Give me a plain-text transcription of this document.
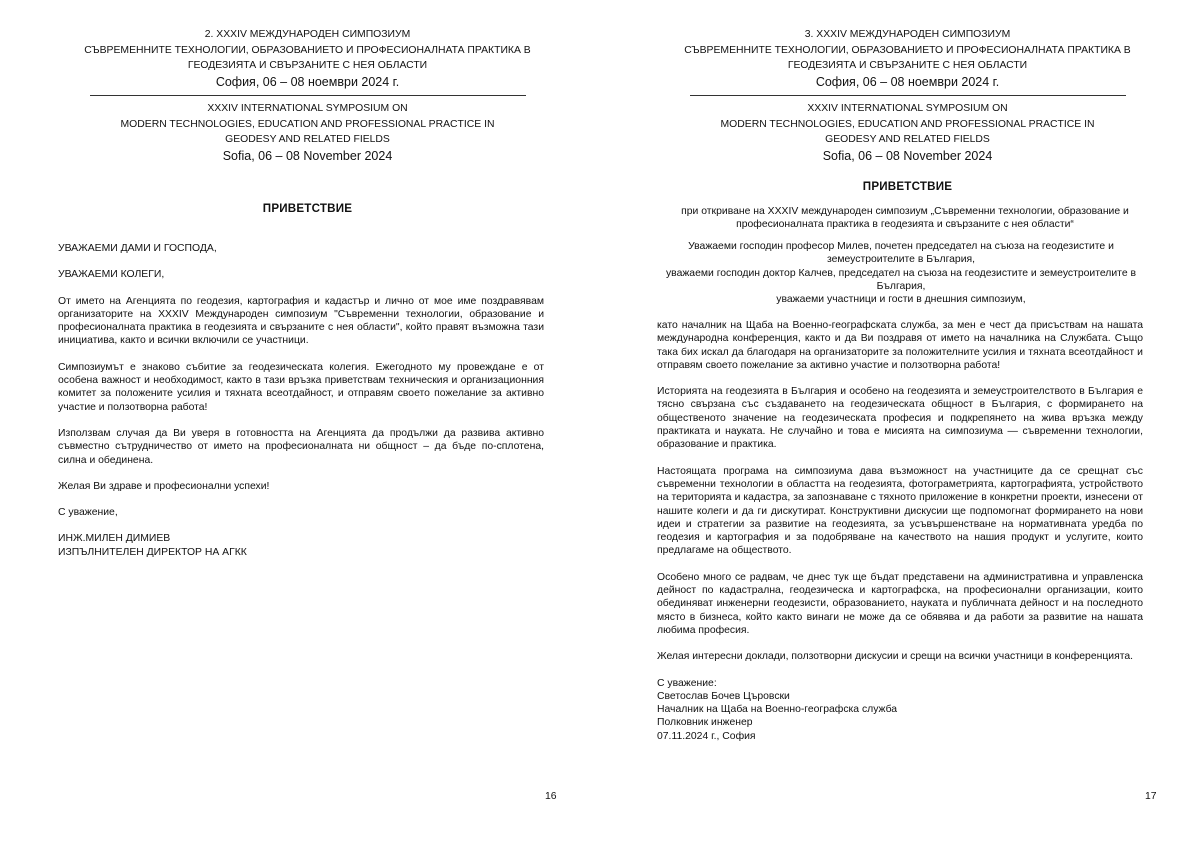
2. XXXIV МЕЖДУНАРОДЕН СИМПОЗИУМ
СЪВРЕМЕННИТЕ ТЕХНОЛОГИИ, ОБРАЗОВАНИЕТО И ПРОФЕСИОНАЛНАТА ПРАКТИКА В
ГЕОДЕЗИЯТА И СВЪРЗАНИТЕ С НЕЯ ОБЛАСТИ
София, 06 – 08 ноември 2024 г.
XXXIV INTERNATIONAL SYMPOSIUM ON
MODERN TECHNOLOGIES, EDUCATION AND PROFESSIONAL PRACTICE IN
GEODESY AND RELATED FIELDS
Sofia, 06 – 08 November 2024
ПРИВЕТСТВИЕ

УВАЖАЕМИ ДАМИ И ГОСПОДА,

УВАЖАЕМИ КОЛЕГИ,

От името на Агенцията по геодезия, картография и кадастър и лично от мое име поздравявам организаторите на XXXIV Международен симпозиум "Съвременни технологии, образование и професионалната практика в геодезията и свързаните с нея области", който правят възможна тази инициатива, както и всички включили се участници.

Симпозиумът е знаково събитие за геодезическата колегия. Ежегодното му провеждане е от особена важност и необходимост, както в тази връзка приветствам техническия и организационния комитет за положените усилия и тяхната всеотдайност, и отправям своето пожелание за активно участие и ползотворна работа!

Използвам случая да Ви уверя в готовността на Агенцията да продължи да развива активно съвместно сътрудничество от името на професионалната ни общност – да бъде по-сплотена, силна и обединена.

Желая Ви здраве и професионални успехи!

С уважение,

ИНЖ.МИЛЕН ДИМИЕВ

ИЗПЪЛНИТЕЛЕН ДИРЕКТОР НА АГКК

16
3. XXXIV МЕЖДУНАРОДЕН СИМПОЗИУМ
СЪВРЕМЕННИТЕ ТЕХНОЛОГИИ, ОБРАЗОВАНИЕТО И ПРОФЕСИОНАЛНАТА ПРАКТИКА В
ГЕОДЕЗИЯТА И СВЪРЗАНИТЕ С НЕЯ ОБЛАСТИ
София, 06 – 08 ноември 2024 г.
XXXIV INTERNATIONAL SYMPOSIUM ON
MODERN TECHNOLOGIES, EDUCATION AND PROFESSIONAL PRACTICE IN
GEODESY AND RELATED FIELDS
Sofia, 06 – 08 November 2024
ПРИВЕТСТВИЕ
при откриване на XXXIV международен симпозиум „Съвременни технологии, образование и професионалната практика в геодезията и свързаните с нея области“

Уважаеми господин професор Милев, почетен председател на съюза на геодезистите и земеустроителите в България,

уважаеми господин доктор Калчев, председател на съюза на геодезистите и земеустроителите в България,

уважаеми участници и гости в днешния симпозиум,

като началник на Щаба на Военно-географската служба, за мен е чест да присъствам на нашата международна конференция, както и да Ви поздравя от името на началника на Службата. Също така бих искал да благодаря на организаторите за положителните усилия и тяхната всеотдайност и отправям своето пожелание за активно участие и ползотворна работа!

Историята на геодезията в България и особено на геодезията и земеустроителството в България е тясно свързана със създаването на геодезическата общност в България, с формирането на общественото значение на геодезическата професия и подкрепянето на жива връзка между практиката и науката. Не случайно и това е мисията на симпозиума — съвременни технологии, образование и практика.

Настоящата програма на симпозиума дава възможност на участниците да се срещнат със съвременни технологии в областта на геодезията, фотограметрията, картографията, устройството на територията и кадастра, за запознаване с тяхното приложение в конкретни проекти, изнесени от нашите колеги и да ги дискутират. Конструктивни дискусии ще подпомогнат формирането на нови идеи и стратегии за развитие на геодезията, за усъвършенстване на нормативната уредба по геодезия и картография и за подобряване на качеството на нашия продукт и услугите, които предлагаме на обществото.

Особено много се радвам, че днес тук ще бъдат представени на административна и управленска дейност по кадастрална, геодезическа и картографска, на професионални организации, които обединяват инженерни геодезисти, образованието, науката и публичната дейност и на последното място в бизнеса, който както винаги не може да се обявява и да работи за развитие на нашата любима професия.

Желая интересни доклади, ползотворни дискусии и срещи на всички участници в конференцията.

С уважение:

Светослав Бочев Църовски

Началник на Щаба на Военно-географска служба

Полковник инженер

07.11.2024 г., София

17
